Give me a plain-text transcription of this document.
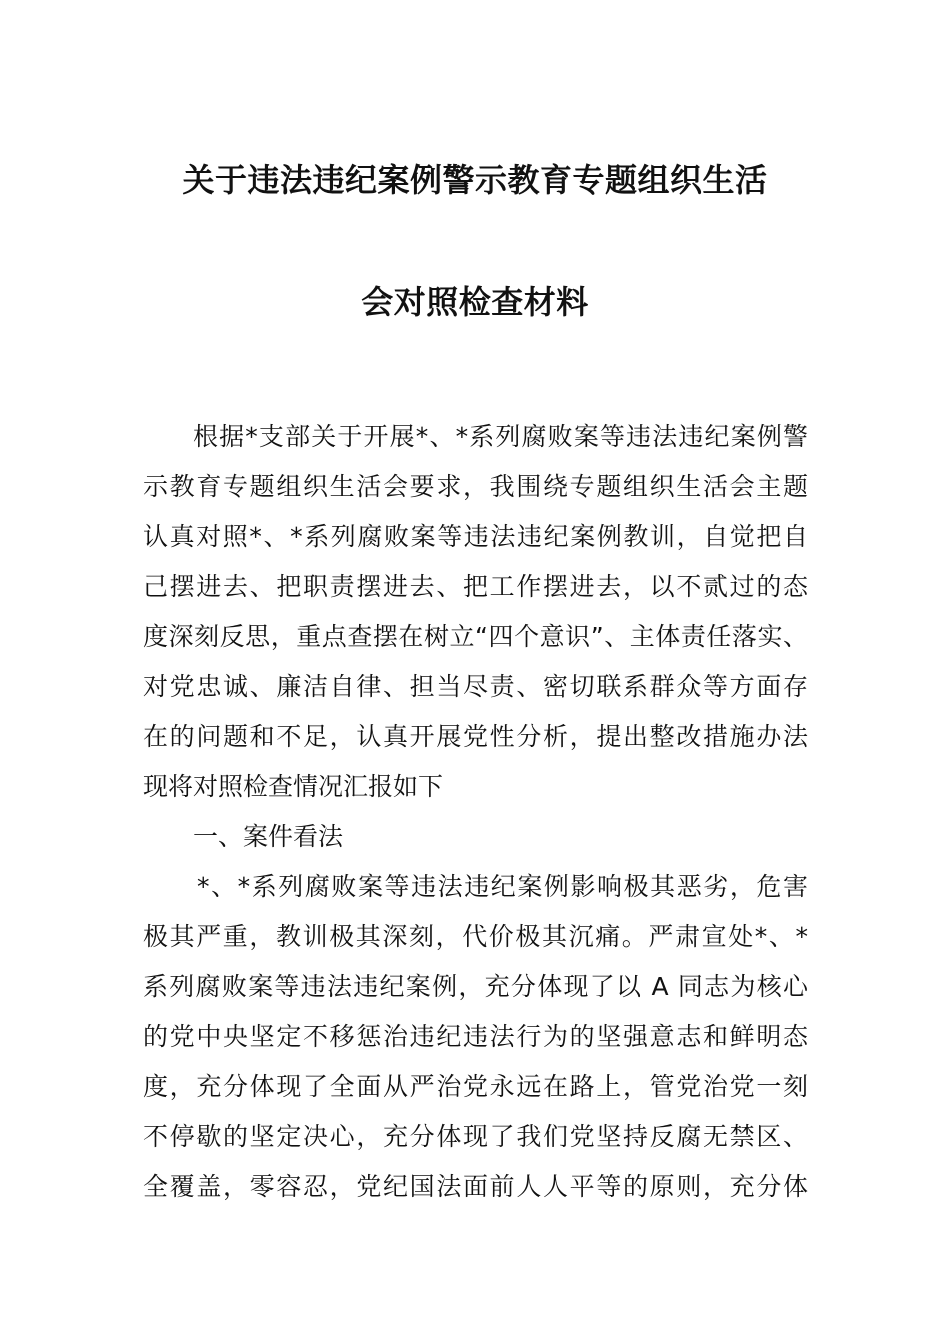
关于违法违纪案例警示教育专题组织生活
会对照检查材料
根据*支部关于开展*、*系列腐败案等违法违纪案例警
示教育专题组织生活会要求，我围绕专题组织生活会主题
认真对照*、*系列腐败案等违法违纪案例教训，自觉把自
己摆进去、把职责摆进去、把工作摆进去，以不贰过的态
度深刻反思，重点查摆在树立“四个意识”、主体责任落实、
对党忠诚、廉洁自律、担当尽责、密切联系群众等方面存
在的问题和不足，认真开展党性分析，提出整改措施办法
现将对照检查情况汇报如下
一、案件看法
*、*系列腐败案等违法违纪案例影响极其恶劣，危害
极其严重，教训极其深刻，代价极其沉痛。严肃宣处*、*
系列腐败案等违法违纪案例，充分体现了以 A 同志为核心
的党中央坚定不移惩治违纪违法行为的坚强意志和鲜明态
度，充分体现了全面从严治党永远在路上，管党治党一刻
不停歇的坚定决心，充分体现了我们党坚持反腐无禁区、
全覆盖，零容忍，党纪国法面前人人平等的原则，充分体
